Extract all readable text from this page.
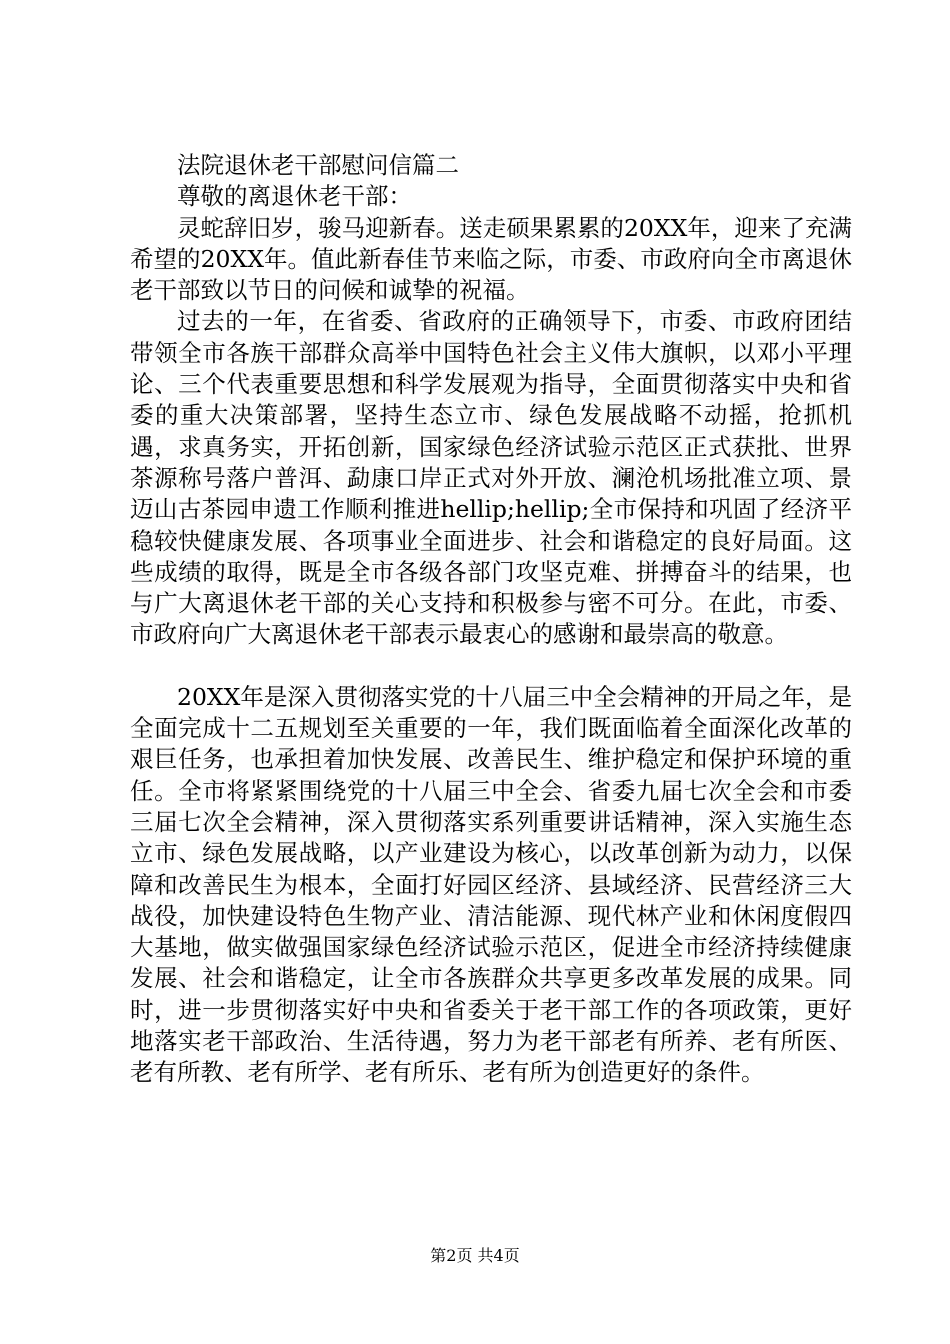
法院退休老干部慰问信篇二

尊敬的离退休老干部：

灵蛇辞旧岁，骏马迎新春。送走硕果累累的20XX年，迎来了充满希望的20XX年。值此新春佳节来临之际，市委、市政府向全市离退休老干部致以节日的问候和诚挚的祝福。

过去的一年，在省委、省政府的正确领导下，市委、市政府团结带领全市各族干部群众高举中国特色社会主义伟大旗帜，以邓小平理论、三个代表重要思想和科学发展观为指导，全面贯彻落实中央和省委的重大决策部署，坚持生态立市、绿色发展战略不动摇，抢抓机遇，求真务实，开拓创新，国家绿色经济试验示范区正式获批、世界茶源称号落户普洱、勐康口岸正式对外开放、澜沧机场批准立项、景迈山古茶园申遗工作顺利推进hellip;hellip;全市保持和巩固了经济平稳较快健康发展、各项事业全面进步、社会和谐稳定的良好局面。这些成绩的取得，既是全市各级各部门攻坚克难、拼搏奋斗的结果，也与广大离退休老干部的关心支持和积极参与密不可分。在此，市委、市政府向广大离退休老干部表示最衷心的感谢和最崇高的敬意。

20XX年是深入贯彻落实党的十八届三中全会精神的开局之年，是全面完成十二五规划至关重要的一年，我们既面临着全面深化改革的艰巨任务，也承担着加快发展、改善民生、维护稳定和保护环境的重任。全市将紧紧围绕党的十八届三中全会、省委九届七次全会和市委三届七次全会精神，深入贯彻落实系列重要讲话精神，深入实施生态立市、绿色发展战略，以产业建设为核心，以改革创新为动力，以保障和改善民生为根本，全面打好园区经济、县域经济、民营经济三大战役，加快建设特色生物产业、清洁能源、现代林产业和休闲度假四大基地，做实做强国家绿色经济试验示范区，促进全市经济持续健康发展、社会和谐稳定，让全市各族群众共享更多改革发展的成果。同时，进一步贯彻落实好中央和省委关于老干部工作的各项政策，更好地落实老干部政治、生活待遇，努力为老干部老有所养、老有所医、老有所教、老有所学、老有所乐、老有所为创造更好的条件。

第2页 共4页
